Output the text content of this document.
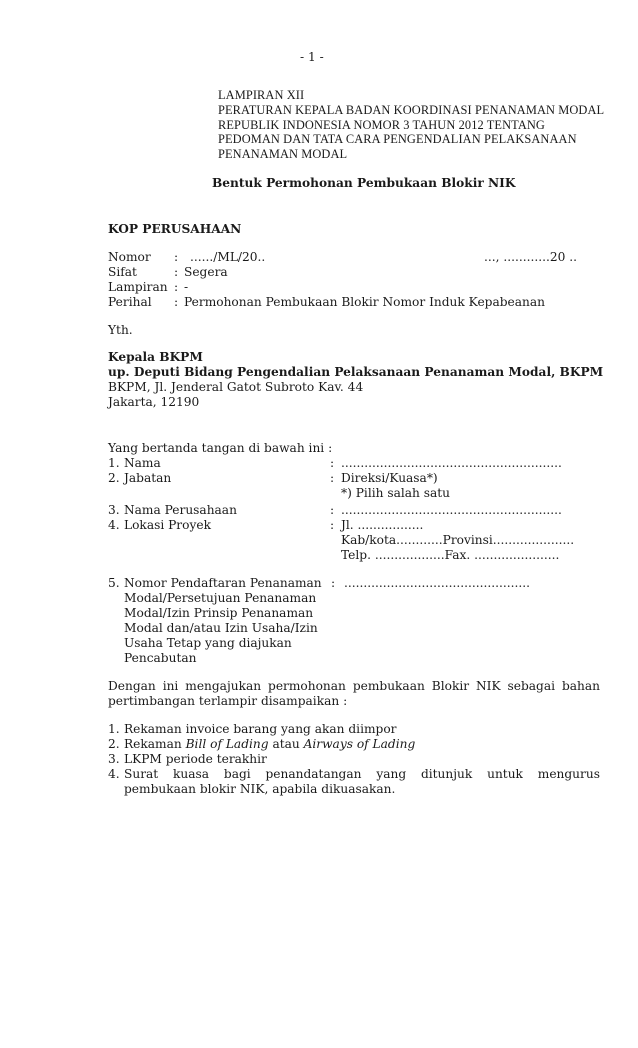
- 1 -
LAMPIRAN XII
PERATURAN KEPALA BADAN KOORDINASI PENANAMAN MODAL
REPUBLIK INDONESIA NOMOR 3 TAHUN 2012 TENTANG
PEDOMAN DAN TATA CARA PENGENDALIAN PELAKSANAAN
PENANAMAN MODAL
Bentuk Permohonan Pembukaan Blokir NIK
KOP PERUSAHAAN
Nomor : ....../ML/20..	..., ............20 ..
Sifat	: Segera
Lampiran : -
Perihal : Permohonan Pembukaan Blokir Nomor Induk Kepabeanan
Yth.
Kepala BKPM
up. Deputi Bidang Pengendalian Pelaksanaan Penanaman Modal, BKPM
BKPM, Jl. Jenderal Gatot Subroto Kav. 44
Jakarta, 12190
Yang bertanda tangan di bawah ini :
1. Nama	: .........................................................
2. Jabatan	: Direksi/Kuasa*)
*) Pilih salah satu
3. Nama Perusahaan	: .........................................................
4. Lokasi Proyek	: Jl. .................
Kab/kota............Provinsi.....................
Telp. ..................Fax. ......................
5. Nomor Pendaftaran Penanaman
Modal/Persetujuan Penanaman
Modal/Izin Prinsip Penanaman
Modal dan/atau Izin Usaha/Izin
Usaha Tetap yang diajukan
Pencabutan
: ................................................
Dengan ini mengajukan permohonan pembukaan Blokir NIK sebagai bahan
pertimbangan terlampir disampaikan :
1. Rekaman invoice barang yang akan diimpor
2. Rekaman Bill of Lading atau Airways of Lading
3. LKPM periode terakhir
4. Surat kuasa bagi penandatangan yang ditunjuk untuk mengurus
pembukaan blokir NIK, apabila dikuasakan.
